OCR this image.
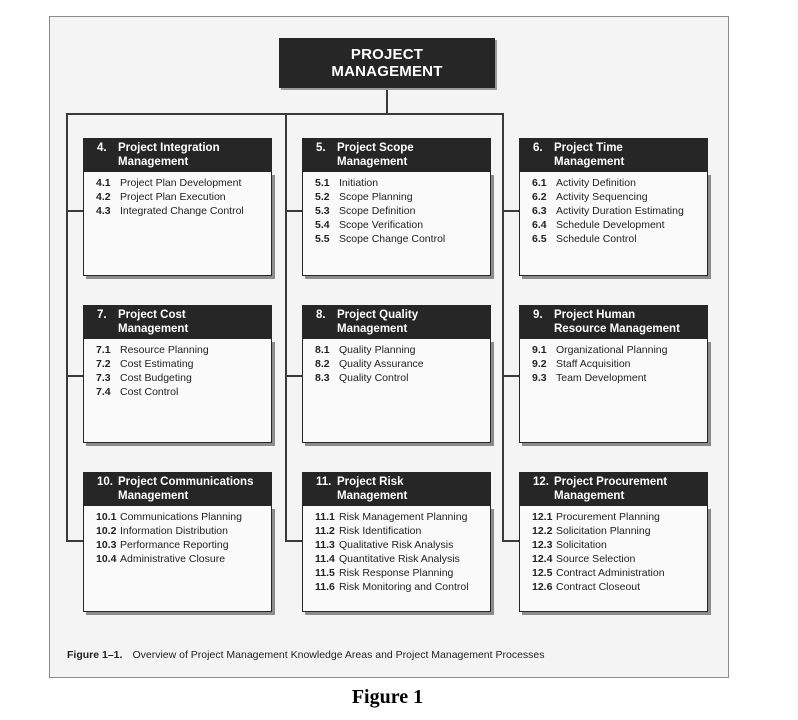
PROJECT
MANAGEMENT
4. Project Integration
Management
4.1 Project Plan Development
4.2 Project Plan Execution
4.3 Integrated Change Control
5. Project Scope
Management
5.1 Initiation
5.2 Scope Planning
5.3 Scope Definition
5.4 Scope Verification
5.5 Scope Change Control
6. Project Time
Management
6.1 Activity Definition
6.2 Activity Sequencing
6.3 Activity Duration Estimating
6.4 Schedule Development
6.5 Schedule Control
7. Project Cost
Management
7.1 Resource Planning
7.2 Cost Estimating
7.3 Cost Budgeting
7.4 Cost Control
8. Project Quality
Management
8.1 Quality Planning
8.2 Quality Assurance
8.3 Quality Control
9. Project Human
Resource Management
9.1 Organizational Planning
9.2 Staff Acquisition
9.3 Team Development
10. Project Communications
Management
10.1 Communications Planning
10.2 Information Distribution
10.3 Performance Reporting
10.4 Administrative Closure
11. Project Risk
Management
11.1 Risk Management Planning
11.2 Risk Identification
11.3 Qualitative Risk Analysis
11.4 Quantitative Risk Analysis
11.5 Risk Response Planning
11.6 Risk Monitoring and Control
12. Project Procurement
Management
12.1 Procurement Planning
12.2 Solicitation Planning
12.3 Solicitation
12.4 Source Selection
12.5 Contract Administration
12.6 Contract Closeout
Figure 1–1. Overview of Project Management Knowledge Areas and Project Management Processes
Figure 1
